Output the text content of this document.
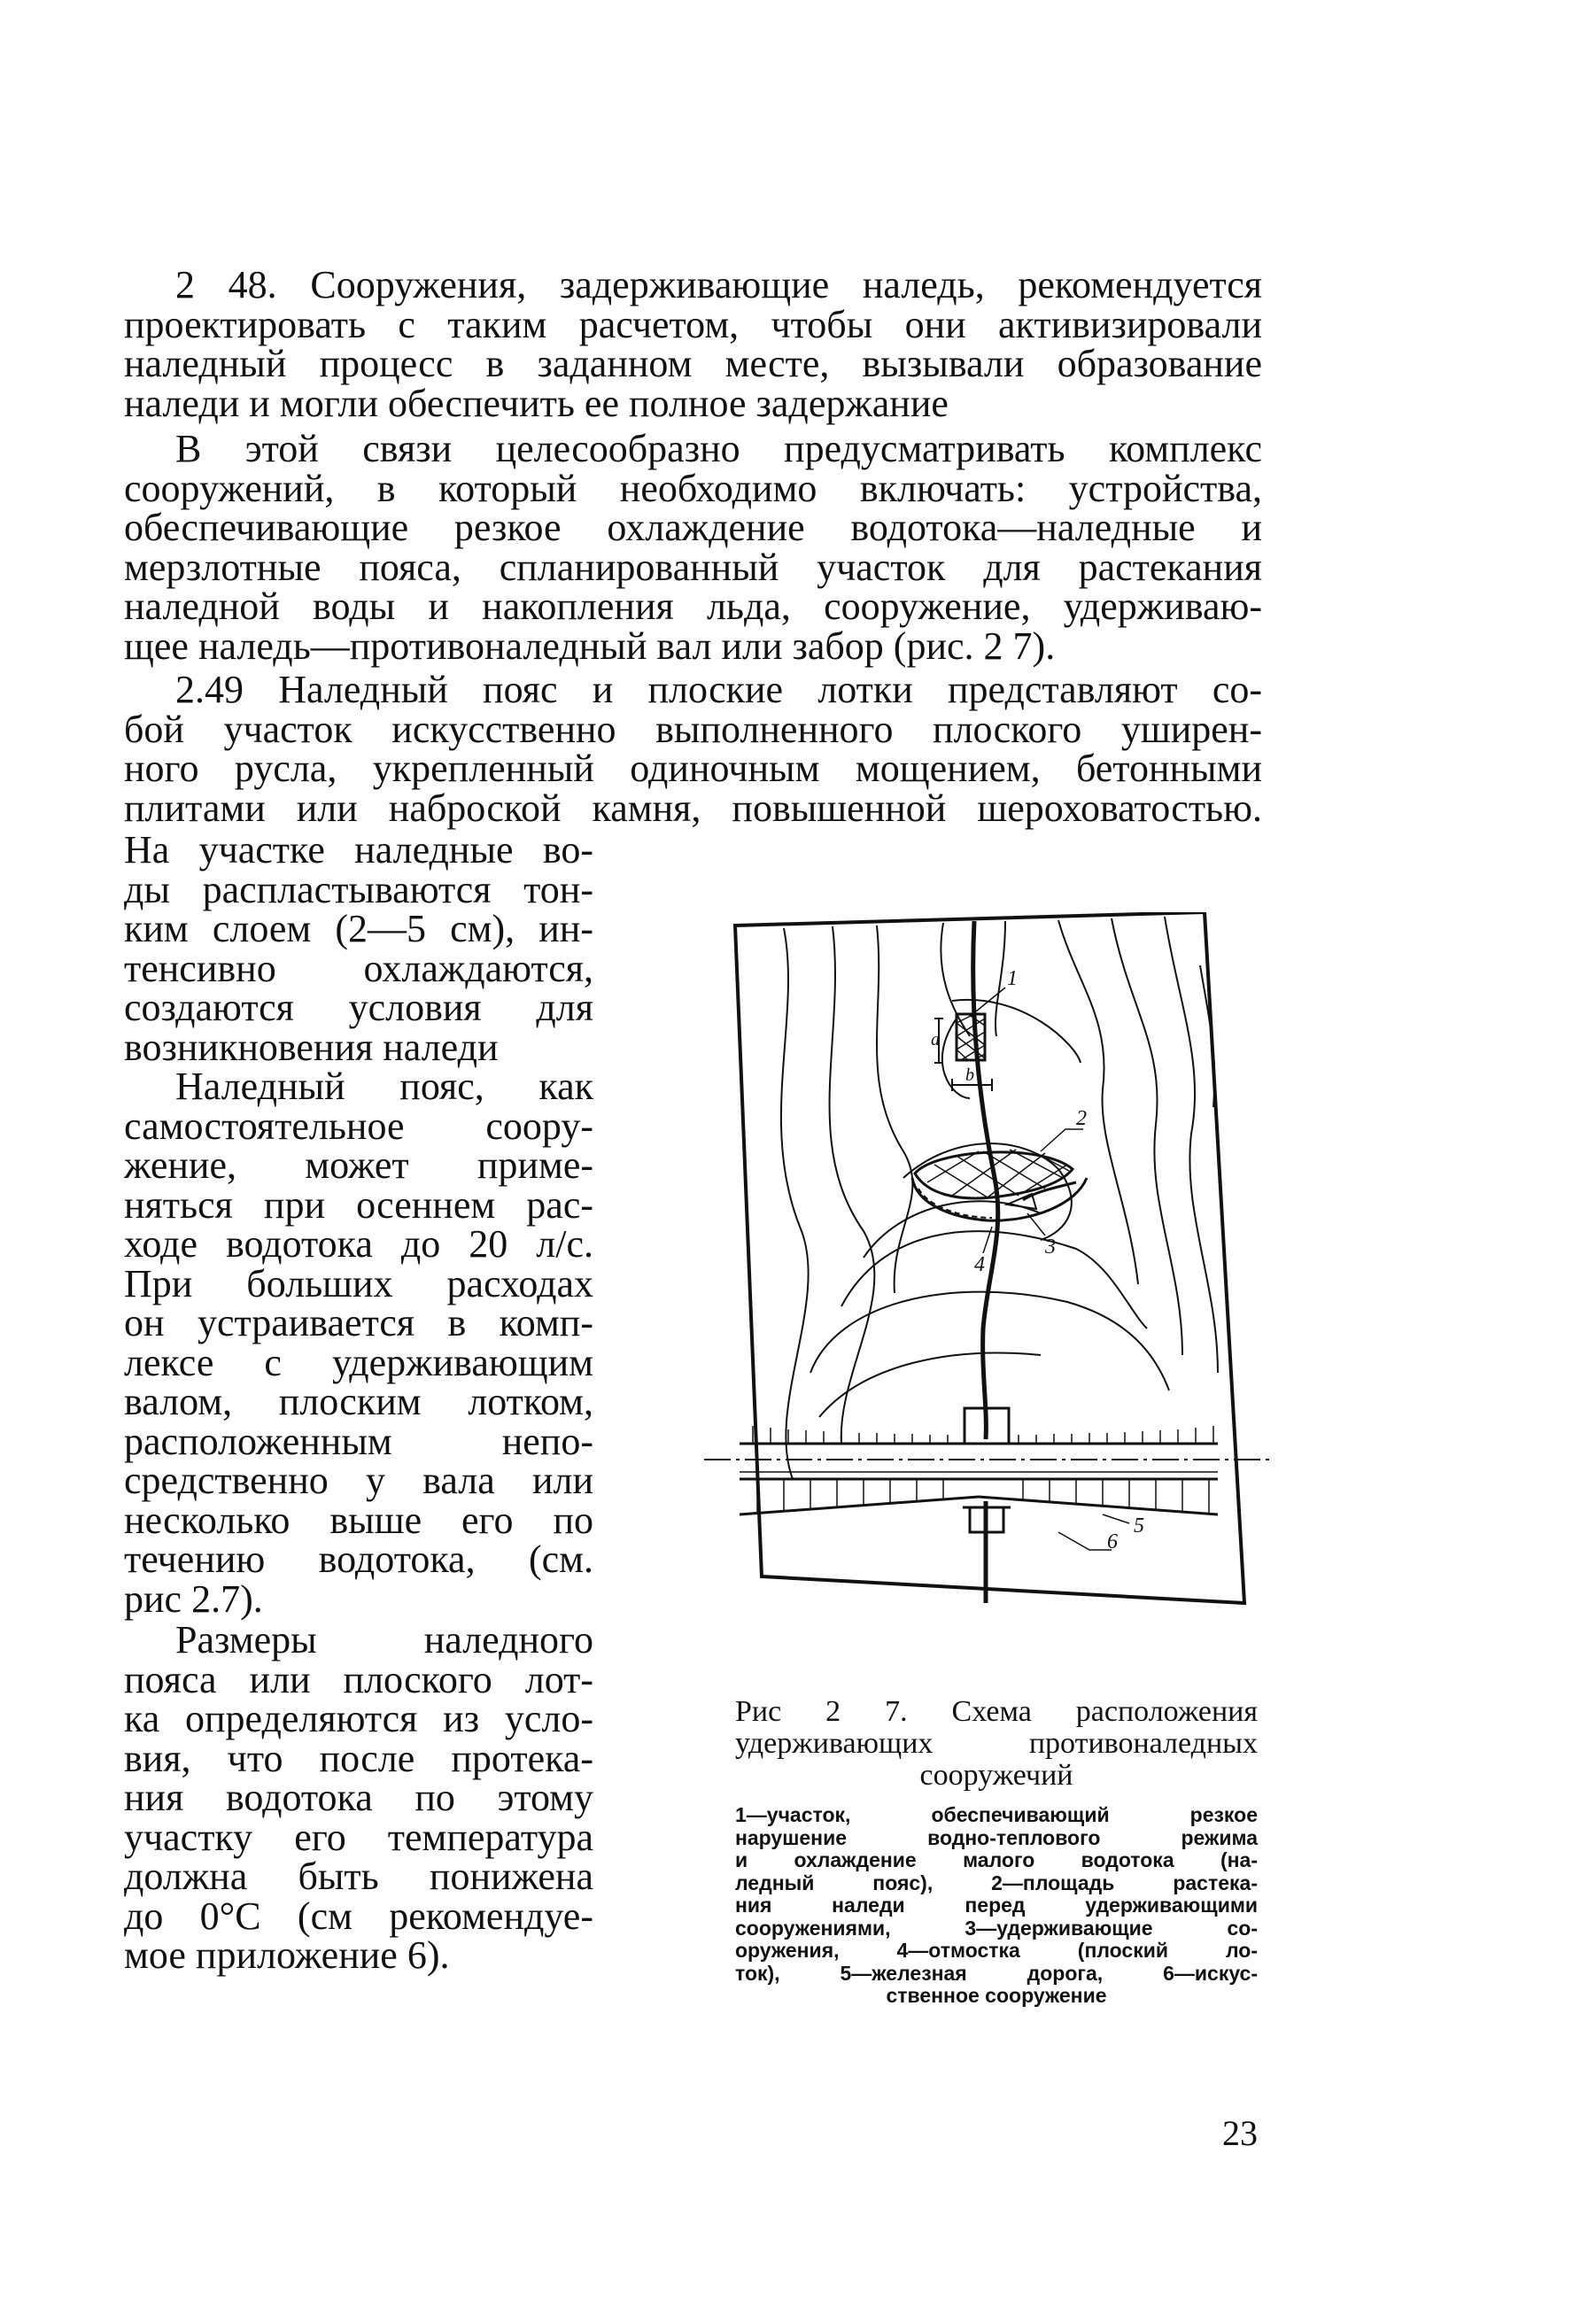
2 48. Сооружения, задерживающие наледь, рекомендуется
проектировать с таким расчетом, чтобы они активизировали
наледный процесс в заданном месте, вызывали образование
наледи и могли обеспечить ее полное задержание
В этой связи целесообразно предусматривать комплекс
сооружений, в который необходимо включать: устройства,
обеспечивающие резкое охлаждение водотока—наледные и
мерзлотные пояса, спланированный участок для растекания
наледной воды и накопления льда, сооружение, удерживаю-
щее наледь—противоналедный вал или забор (рис. 2 7).
2.49 Наледный пояс и плоские лотки представляют со-
бой участок искусственно выполненного плоского уширен-
ного русла, укрепленный одиночным мощением, бетонными
плитами или наброской камня, повышенной шероховатостью.
На участке наледные во-
ды распластываются тон-
ким слоем (2—5 см), ин-
тенсивно охлаждаются,
создаются условия для
возникновения наледи
Наледный пояс, как
самостоятельное соору-
жение, может приме-
няться при осеннем рас-
ходе водотока до 20 л/с.
При больших расходах
он устраивается в комп-
лексе с удерживающим
валом, плоским лотком,
расположенным непо-
средственно у вала или
несколько выше его по
течению водотока, (см.
рис 2.7).
Размеры наледного
пояса или плоского лот-
ка определяются из усло-
вия, что после протека-
ния водотока по этому
участку его температура
должна быть понижена
до 0°С (см рекомендуе-
мое приложение 6).
a
b
1
2
3
4
5
6
Рис 2 7. Схема расположения
удерживающих противоналедных
сооружечий
1—участок, обеспечивающий резкое
нарушение водно-теплового режима
и охлаждение малого водотока (на-
ледный пояс), 2—площадь растека-
ния наледи перед удерживающими
сооружениями, 3—удерживающие со-
оружения, 4—отмостка (плоский ло-
ток), 5—железная дорога, 6—искус-
ственное сооружение
23
